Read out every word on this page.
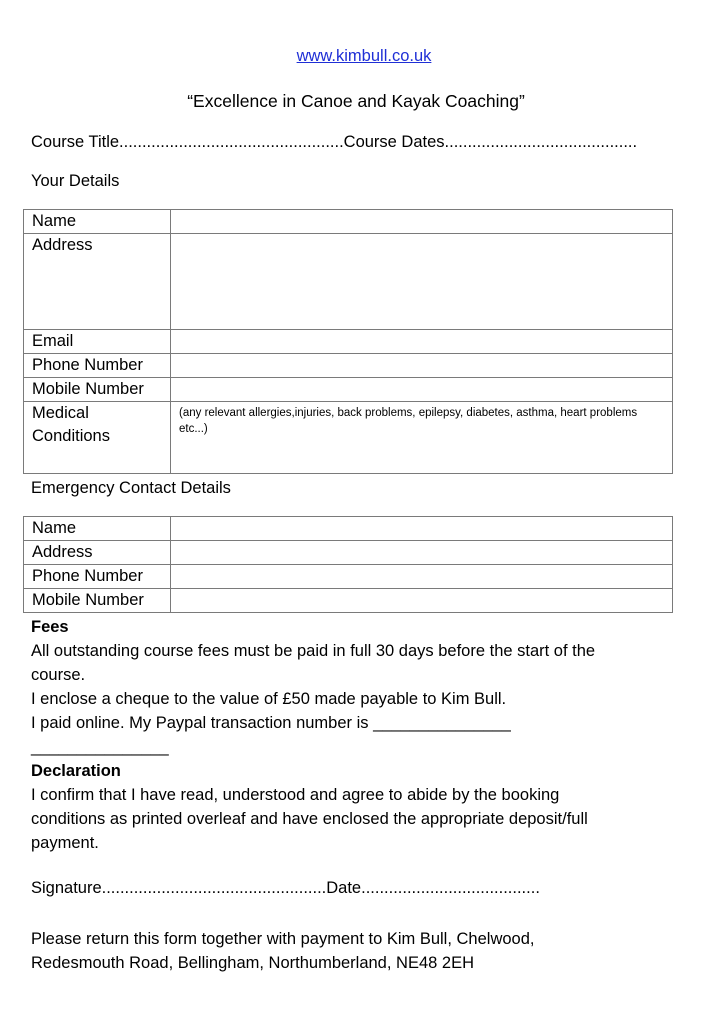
www.kimbull.co.uk
“Excellence in Canoe and Kayak Coaching”
Course Title.................................................Course Dates..........................................
Your Details
Name	
Address	
Email	
Phone Number	
Mobile Number	

Medical
Conditions	(any relevant allergies,injuries, back problems, epilepsy, diabetes, asthma, heart problems etc...)
Emergency Contact Details
Name	
Address	
Phone Number	
Mobile Number	
Fees
All outstanding course fees must be paid in full 30 days before the start of the
course.
I enclose a cheque to the value of £50 made payable to Kim Bull.
I paid online. My Paypal transaction number is _______________
_______________
Declaration
I confirm that I have read, understood and agree to abide by the booking
conditions as printed overleaf and have enclosed the appropriate deposit/full
payment.
Signature.................................................Date.......................................
Please return this form together with payment to Kim Bull, Chelwood,
Redesmouth Road, Bellingham, Northumberland, NE48 2EH
